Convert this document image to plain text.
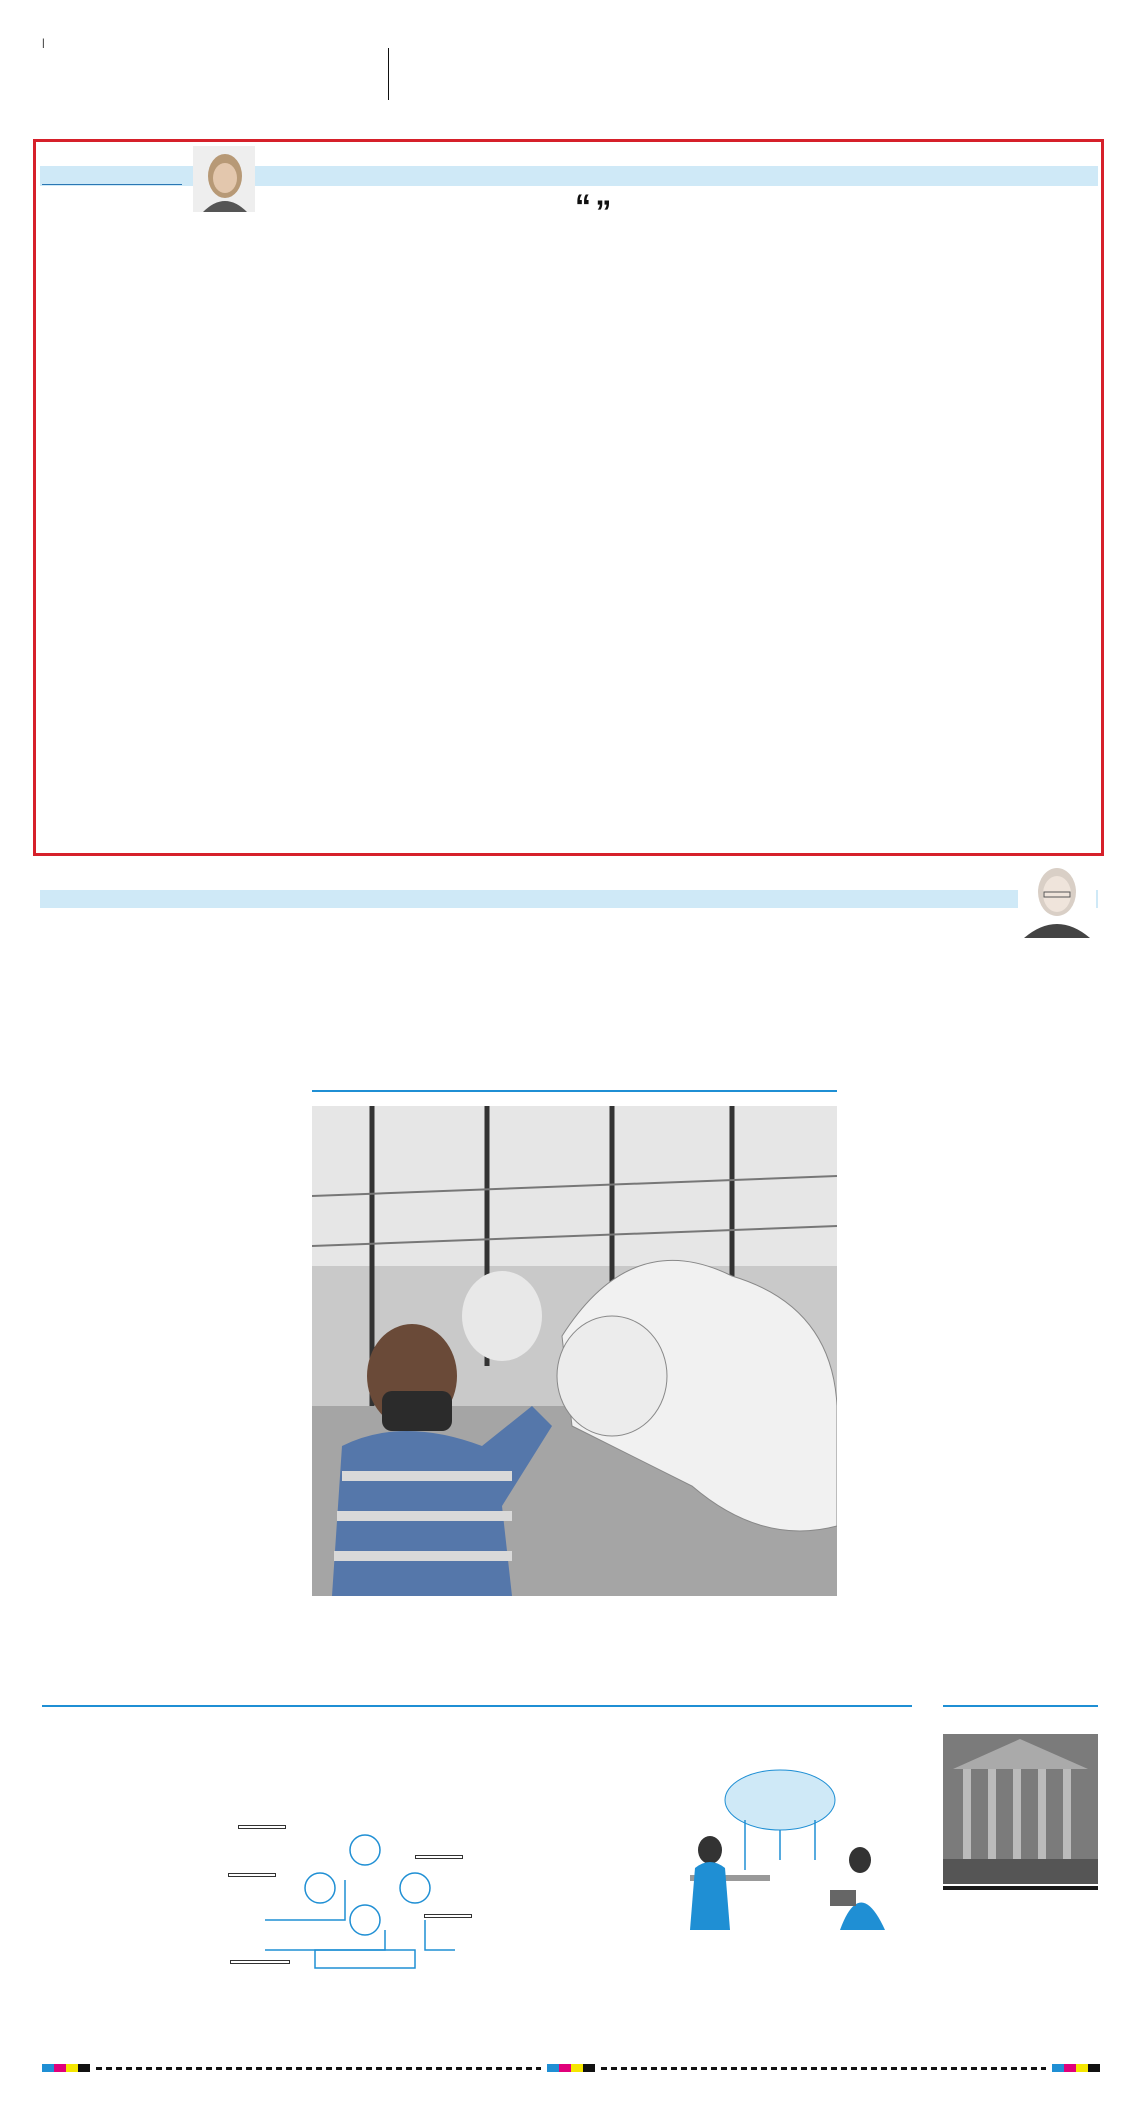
|
“ ”
